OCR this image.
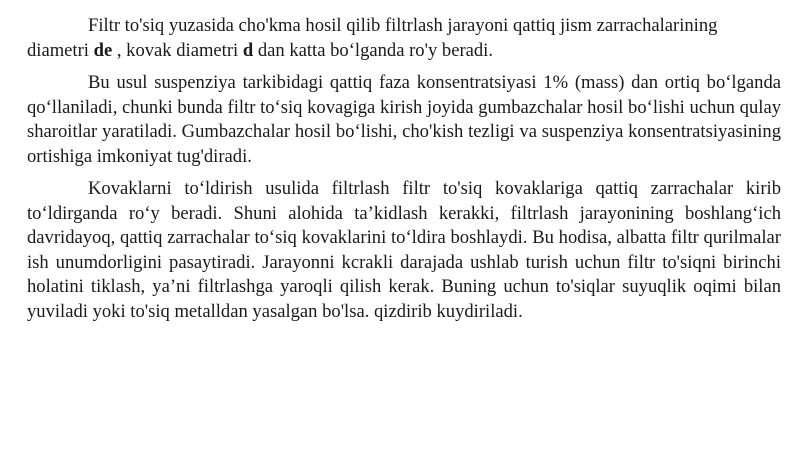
Filtr to'siq yuzasida cho'kma hosil qilib filtrlash jarayoni qattiq jism zarrachalarining diametri de , kovak diametri d dan katta bo‘lganda ro'y beradi.

Bu usul suspenziya tarkibidagi qattiq faza konsentratsiyasi 1% (mass) dan ortiq bo‘lganda qo‘llaniladi, chunki bunda filtr to‘siq kovagiga kirish joyida gumbazchalar hosil bo‘lishi uchun qulay sharoitlar yaratiladi. Gumbazchalar hosil bo‘lishi, cho'kish tezligi va suspenziya konsentratsiyasining ortishiga imkoniyat tug'diradi.

Kovaklarni to‘ldirish usulida filtrlash filtr to'siq kovaklariga qattiq zarrachalar kirib to‘ldirganda ro‘y beradi. Shuni alohida ta’kidlash kerakki, filtrlash jarayonining boshlang‘ich davridayoq, qattiq zarrachalar to‘siq kovaklarini to‘ldira boshlaydi. Bu hodisa, albatta filtr qurilmalar ish unumdorligini pasaytiradi. Jarayonni kcrakli darajada ushlab turish uchun filtr to'siqni birinchi holatini tiklash, ya’ni filtrlashga yaroqli qilish kerak. Buning uchun to'siqlar suyuqlik oqimi bilan yuviladi yoki to'siq metalldan yasalgan bo'lsa. qizdirib kuydiriladi.
